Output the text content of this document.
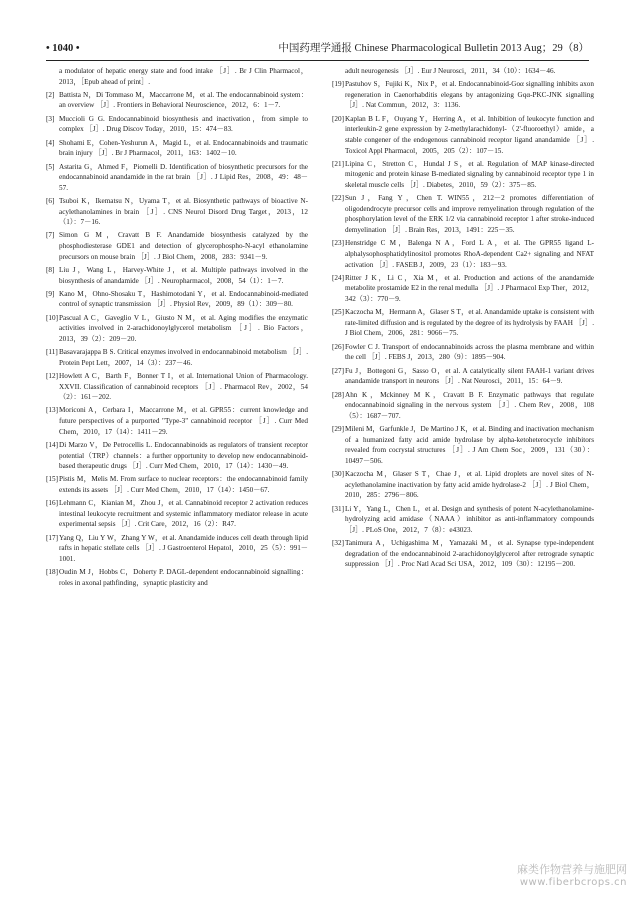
• 1040 •	中国药理学通报 Chinese Pharmacological Bulletin 2013 Aug；29（8）
a modulator of hepatic energy state and food intake ［J］. Br J Clin Pharmacol，2013，［Epub ahead of print］.
[ 2 ] Battista N，Di Tommaso M，Maccarrone M，et al. The endocannabinoid system：an overview ［J］. Frontiers in Behavioral Neuroscience，2012，6：1－7.
[ 3 ] Muccioli G G. Endocannabinoid biosynthesis and inactivation，from simple to complex ［J］. Drug Discov Today，2010，15：474－83.
[ 4 ] Shohami E，Cohen-Yeshurun A，Magid L，et al. Endocannabinoids and traumatic brain injury ［J］. Br J Pharmacol，2011，163：1402－10.
[ 5 ] Astarita G，Ahmed F，Piomelli D. Identification of biosynthetic precursors for the endocannabinoid anandamide in the rat brain ［J］. J Lipid Res，2008，49：48－57.
[ 6 ] Tsuboi K，Ikematsu N，Uyama T，et al. Biosynthetic pathways of bioactive N-acylethanolamines in brain ［J］. CNS Neurol Disord Drug Target，2013，12（1）：7－16.
[ 7 ] Simon G M，Cravatt B F. Anandamide biosynthesis catalyzed by the phosphodiesterase GDE1 and detection of glycerophospho-N-acyl ethanolamine precursors on mouse brain ［J］. J Biol Chem，2008，283：9341－9.
[ 8 ] Liu J，Wang L，Harvey-White J，et al. Multiple pathways involved in the biosynthesis of anandamide ［J］. Neuropharmacol，2008，54（1）：1－7.
[ 9 ] Kano M，Ohno-Shosaku T，Hashimotodani Y，et al. Endocannabinoid-mediated control of synaptic transmission ［J］. Physiol Rev，2009，89（1）：309－80.
[ 10 ] Pascual A C，Gaveglio V L，Giusto N M，et al. Aging modifies the enzymatic activities involved in 2-arachidonoylglycerol metabolism ［J］. Bio Factors，2013，39（2）：209－20.
[ 11 ] Basavarajappa B S. Critical enzymes involved in endocannabinoid metabolism ［J］. Protein Pept Lett，2007，14（3）：237－46.
[ 12 ] Howlett A C，Barth F，Bonner T I，et al. International Union of Pharmacology. XXVII. Classification of cannabinoid receptors ［J］. Pharmacol Rev，2002，54（2）：161－202.
[ 13 ] Moriconi A，Cerbara I，Maccarrone M，et al. GPR55：current knowledge and future perspectives of a purported "Type-3" cannabinoid receptor ［J］. Curr Med Chem，2010，17（14）：1411－29.
[ 14 ] Di Marzo V，De Petrocellis L. Endocannabinoids as regulators of transient receptor potential（TRP）channels：a further opportunity to develop new endocannabinoid-based therapeutic drugs ［J］. Curr Med Chem，2010，17（14）：1430－49.
[ 15 ] Pistis M，Melis M. From surface to nuclear receptors：the endocannabinoid family extends its assets ［J］. Curr Med Chem，2010，17（14）：1450－67.
[ 16 ] Lehmann C，Kianian M，Zhou J，et al. Cannabinoid receptor 2 activation reduces intestinal leukocyte recruitment and systemic inflammatory mediator release in acute experimental sepsis ［J］. Crit Care，2012，16（2）：R47.
[ 17 ] Yang Q，Liu Y W，Zhang Y W，et al. Anandamide induces cell death through lipid rafts in hepatic stellate cells ［J］. J Gastroenterol Hepatol，2010，25（5）：991－1001.
[ 18 ] Oudin M J，Hobbs C，Doherty P. DAGL-dependent endocannabinoid signalling：roles in axonal pathfinding，synaptic plasticity and
adult neurogenesis ［J］. Eur J Neurosci，2011，34（10）：1634－46.
[ 19 ] Pastuhov S，Fujiki K，Nix P，et al. Endocannabinoid-Goα signalling inhibits axon regeneration in Caenorhabditis elegans by antagonizing Gqα-PKC-JNK signalling ［J］. Nat Commun，2012，3：1136.
[ 20 ] Kaplan B L F，Ouyang Y，Herring A，et al. Inhibition of leukocyte function and interleukin-2 gene expression by 2-methylarachidonyl-（2'-fluoroethyl）amide，a stable congener of the endogenous cannabinoid receptor ligand anandamide ［J］. Toxicol Appl Pharmacol，2005，205（2）：107－15.
[ 21 ] Lipina C，Stretton C，Hundal J S，et al. Regulation of MAP kinase-directed mitogenic and protein kinase B-mediated signaling by cannabinoid receptor type 1 in skeletal muscle cells ［J］. Diabetes，2010，59（2）：375－85.
[ 22 ] Sun J，Fang Y，Chen T. WIN55，212－2 promotes differentiation of oligodendrocyte precursor cells and improve remyelination through regulation of the phosphorylation level of the ERK 1/2 via cannabinoid receptor 1 after stroke-induced demyelination ［J］. Brain Res，2013，1491：225－35.
[ 23 ] Henstridge C M，Balenga N A，Ford L A，et al. The GPR55 ligand L-alphalysophosphatidylinositol promotes RhoA-dependent Ca2+ signaling and NFAT activation ［J］. FASEB J，2009，23（1）：183－93.
[ 24 ] Ritter J K，Li C，Xia M，et al. Production and actions of the anandamide metabolite prostamide E2 in the renal medulla ［J］. J Pharmacol Exp Ther，2012，342（3）：770－9.
[ 25 ] Kaczocha M，Hermann A，Glaser S T，et al. Anandamide uptake is consistent with rate-limited diffusion and is regulated by the degree of its hydrolysis by FAAH ［J］. J Biol Chem，2006，281：9066－75.
[ 26 ] Fowler C J. Transport of endocannabinoids across the plasma membrane and within the cell ［J］. FEBS J，2013，280（9）：1895－904.
[ 27 ] Fu J，Bottegoni G，Sasso O，et al. A catalytically silent FAAH-1 variant drives anandamide transport in neurons ［J］. Nat Neurosci，2011，15：64－9.
[ 28 ] Ahn K，Mckinney M K，Cravatt B F. Enzymatic pathways that regulate endocannabinoid signaling in the nervous system ［J］. Chem Rev，2008，108（5）：1687－707.
[ 29 ] Mileni M，Garfunkle J，De Martino J K，et al. Binding and inactivation mechanism of a humanized fatty acid amide hydrolase by alpha-ketoheterocycle inhibitors revealed from cocrystal structures ［J］. J Am Chem Soc，2009，131（30）：10497－506.
[ 30 ] Kaczocha M，Glaser S T，Chae J，et al. Lipid droplets are novel sites of N-acylethanolamine inactivation by fatty acid amide hydrolase-2 ［J］. J Biol Chem，2010，285：2796－806.
[ 31 ] Li Y，Yang L，Chen L，et al. Design and synthesis of potent N-acylethanolamine-hydrolyzing acid amidase（NAAA）inhibitor as anti-inflammatory compounds ［J］. PLoS One，2012，7（8）：e43023.
[ 32 ] Tanimura A，Uchigashima M，Yamazaki M，et al. Synapse type-independent degradation of the endocannabinoid 2-arachidonoylglycerol after retrograde synaptic suppression ［J］. Proc Natl Acad Sci USA，2012，109（30）：12195－200.
麻类作物营养与施肥网
www.fiberbcrops.cn
